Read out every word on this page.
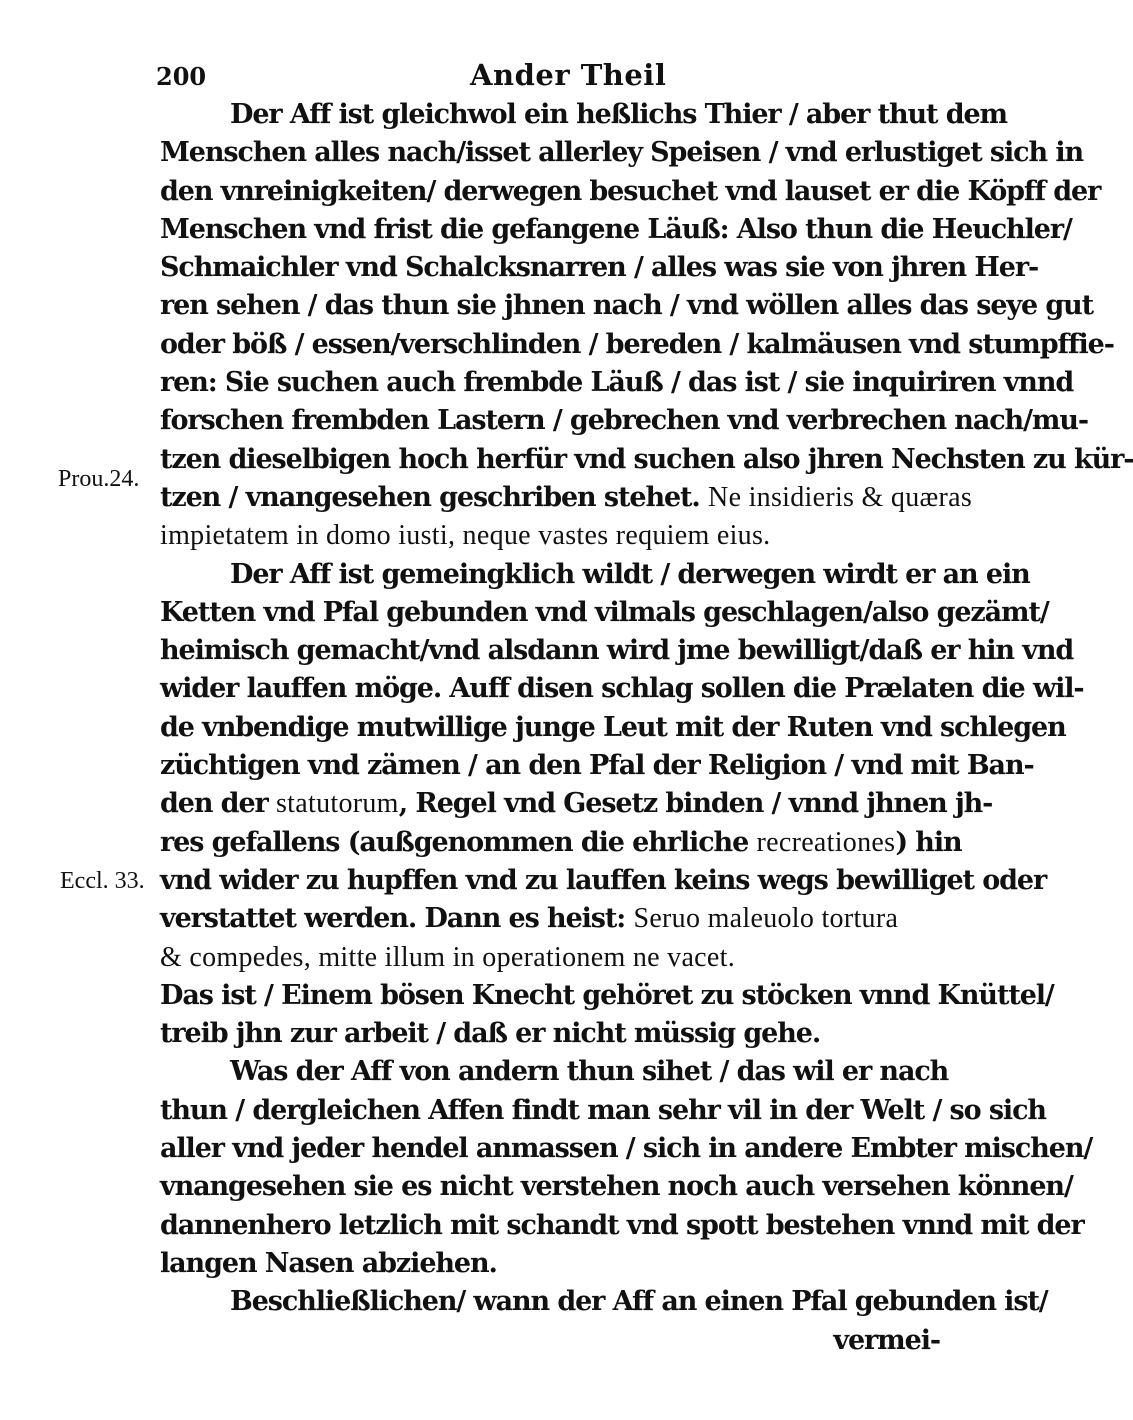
200	Ander Theil
Prou.24.
Eccl. 33.
Der Aff ist gleichwol ein heßlichs Thier / aber thut dem
Menschen alles nach/isset allerley Speisen / vnd erlustiget sich in
den vnreinigkeiten/ derwegen besuchet vnd lauset er die Köpff der
Menschen vnd frist die gefangene Läuß: Also thun die Heuchler/
Schmaichler vnd Schalcksnarren / alles was sie von jhren Her-
ren sehen / das thun sie jhnen nach / vnd wöllen alles das seye gut
oder böß / essen/verschlinden / bereden / kalmäusen vnd stumpffie-
ren: Sie suchen auch frembde Läuß / das ist / sie inquiriren vnnd
forschen frembden Lastern / gebrechen vnd verbrechen nach/mu-
tzen dieselbigen hoch herfür vnd suchen also jhren Nechsten zu kür-
tzen / vnangesehen geschriben stehet. Ne insidieris & quæras
impietatem in domo iusti, neque vastes requiem eius.
Der Aff ist gemeingklich wildt / derwegen wirdt er an ein
Ketten vnd Pfal gebunden vnd vilmals geschlagen/also gezämt/
heimisch gemacht/vnd alsdann wird jme bewilligt/daß er hin vnd
wider lauffen möge. Auff disen schlag sollen die Prælaten die wil-
de vnbendige mutwillige junge Leut mit der Ruten vnd schlegen
züchtigen vnd zämen / an den Pfal der Religion / vnd mit Ban-
den der statutorum, Regel vnd Gesetz binden / vnnd jhnen jh-
res gefallens (außgenommen die ehrliche recreationes) hin
vnd wider zu hupffen vnd zu lauffen keins wegs bewilliget oder
verstattet werden. Dann es heist: Seruo maleuolo tortura
& compedes, mitte illum in operationem ne vacet.
Das ist / Einem bösen Knecht gehöret zu stöcken vnnd Knüttel/
treib jhn zur arbeit / daß er nicht müssig gehe.
Was der Aff von andern thun sihet / das wil er nach
thun / dergleichen Affen findt man sehr vil in der Welt / so sich
aller vnd jeder hendel anmassen / sich in andere Embter mischen/
vnangesehen sie es nicht verstehen noch auch versehen können/
dannenhero letzlich mit schandt vnd spott bestehen vnnd mit der
langen Nasen abziehen.
Beschließlichen/ wann der Aff an einen Pfal gebunden ist/
vermei-
